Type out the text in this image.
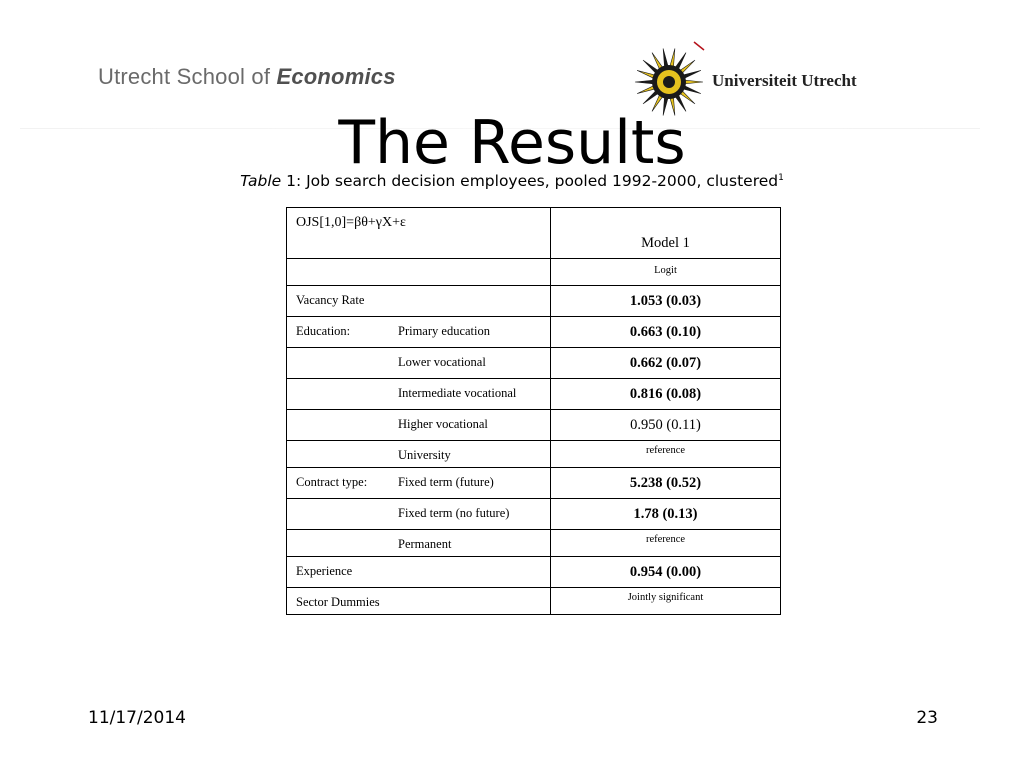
Utrecht School of Economics	Universiteit Utrecht
The Results
Table 1: Job search decision employees, pooled 1992-2000, clustered$^1$
OJS[1,0]=βθ+γX+ε	Model 1
	Logit

Vacancy Rate	1.053 (0.03)
Education: Primary education	0.663 (0.10)
Lower vocational	0.662 (0.07)
Intermediate vocational	0.816 (0.08)
Higher vocational	0.950 (0.11)
University	reference
Contract type: Fixed term (future)	5.238 (0.52)
Fixed term (no future)	1.78 (0.13)
Permanent	reference

Experience	0.954 (0.00)

Sector Dummies	Jointly significant
11/17/2014	23
